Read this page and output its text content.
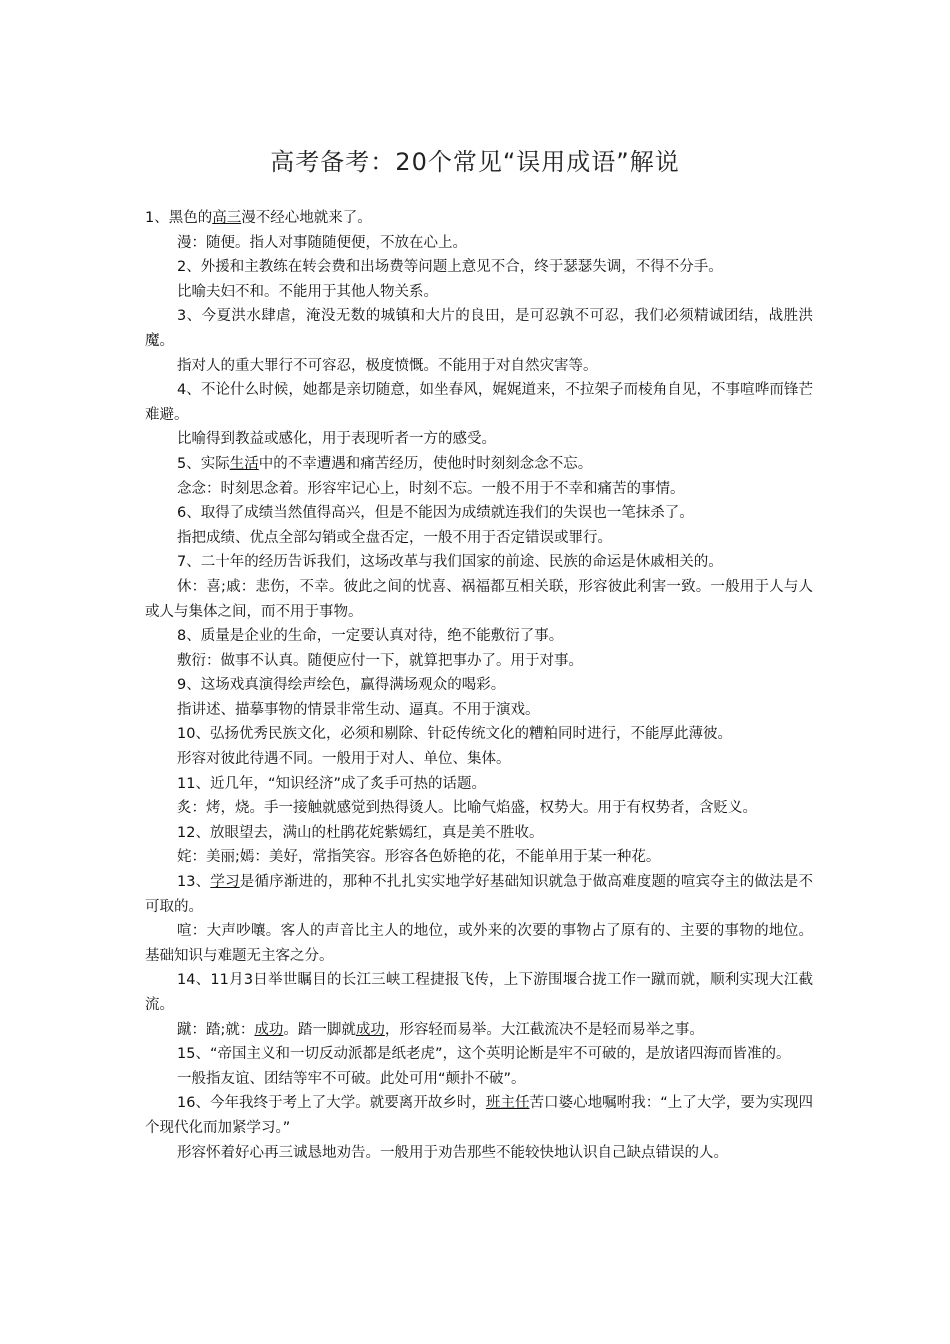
高考备考：20个常见“误用成语”解说

1、黑色的高三漫不经心地就来了。

漫：随便。指人对事随随便便，不放在心上。

2、外援和主教练在转会费和出场费等问题上意见不合，终于瑟瑟失调，不得不分手。

比喻夫妇不和。不能用于其他人物关系。

3、今夏洪水肆虐，淹没无数的城镇和大片的良田，是可忍孰不可忍，我们必须精诚团结，战胜洪魔。

指对人的重大罪行不可容忍，极度愤慨。不能用于对自然灾害等。

4、不论什么时候，她都是亲切随意，如坐春风，娓娓道来，不拉架子而棱角自见，不事喧哗而锋芒难避。

比喻得到教益或感化，用于表现听者一方的感受。

5、实际生活中的不幸遭遇和痛苦经历，使他时时刻刻念念不忘。

念念：时刻思念着。形容牢记心上，时刻不忘。一般不用于不幸和痛苦的事情。

6、取得了成绩当然值得高兴，但是不能因为成绩就连我们的失误也一笔抹杀了。

指把成绩、优点全部勾销或全盘否定，一般不用于否定错误或罪行。

7、二十年的经历告诉我们，这场改革与我们国家的前途、民族的命运是休戚相关的。

休：喜;戚：悲伤，不幸。彼此之间的忧喜、祸福都互相关联，形容彼此利害一致。一般用于人与人或人与集体之间，而不用于事物。

8、质量是企业的生命，一定要认真对待，绝不能敷衍了事。

敷衍：做事不认真。随便应付一下，就算把事办了。用于对事。

9、这场戏真演得绘声绘色，赢得满场观众的喝彩。

指讲述、描摹事物的情景非常生动、逼真。不用于演戏。

10、弘扬优秀民族文化，必须和剔除、针砭传统文化的糟粕同时进行，不能厚此薄彼。

形容对彼此待遇不同。一般用于对人、单位、集体。

11、近几年，“知识经济”成了炙手可热的话题。

炙：烤，烧。手一接触就感觉到热得烫人。比喻气焰盛，权势大。用于有权势者，含贬义。

12、放眼望去，满山的杜鹃花姹紫嫣红，真是美不胜收。

姹：美丽;嫣：美好，常指笑容。形容各色娇艳的花，不能单用于某一种花。

13、学习是循序渐进的，那种不扎扎实实地学好基础知识就急于做高难度题的喧宾夺主的做法是不可取的。

喧：大声吵嚷。客人的声音比主人的地位，或外来的次要的事物占了原有的、主要的事物的地位。基础知识与难题无主客之分。

14、11月3日举世瞩目的长江三峡工程捷报飞传，上下游围堰合拢工作一蹴而就，顺利实现大江截流。

蹴：踏;就：成功。踏一脚就成功，形容轻而易举。大江截流决不是轻而易举之事。

15、“帝国主义和一切反动派都是纸老虎”，这个英明论断是牢不可破的，是放诸四海而皆准的。

一般指友谊、团结等牢不可破。此处可用“颠扑不破”。

16、今年我终于考上了大学。就要离开故乡时，班主任苦口婆心地嘱咐我：“上了大学，要为实现四个现代化而加紧学习。”

形容怀着好心再三诚恳地劝告。一般用于劝告那些不能较快地认识自己缺点错误的人。
